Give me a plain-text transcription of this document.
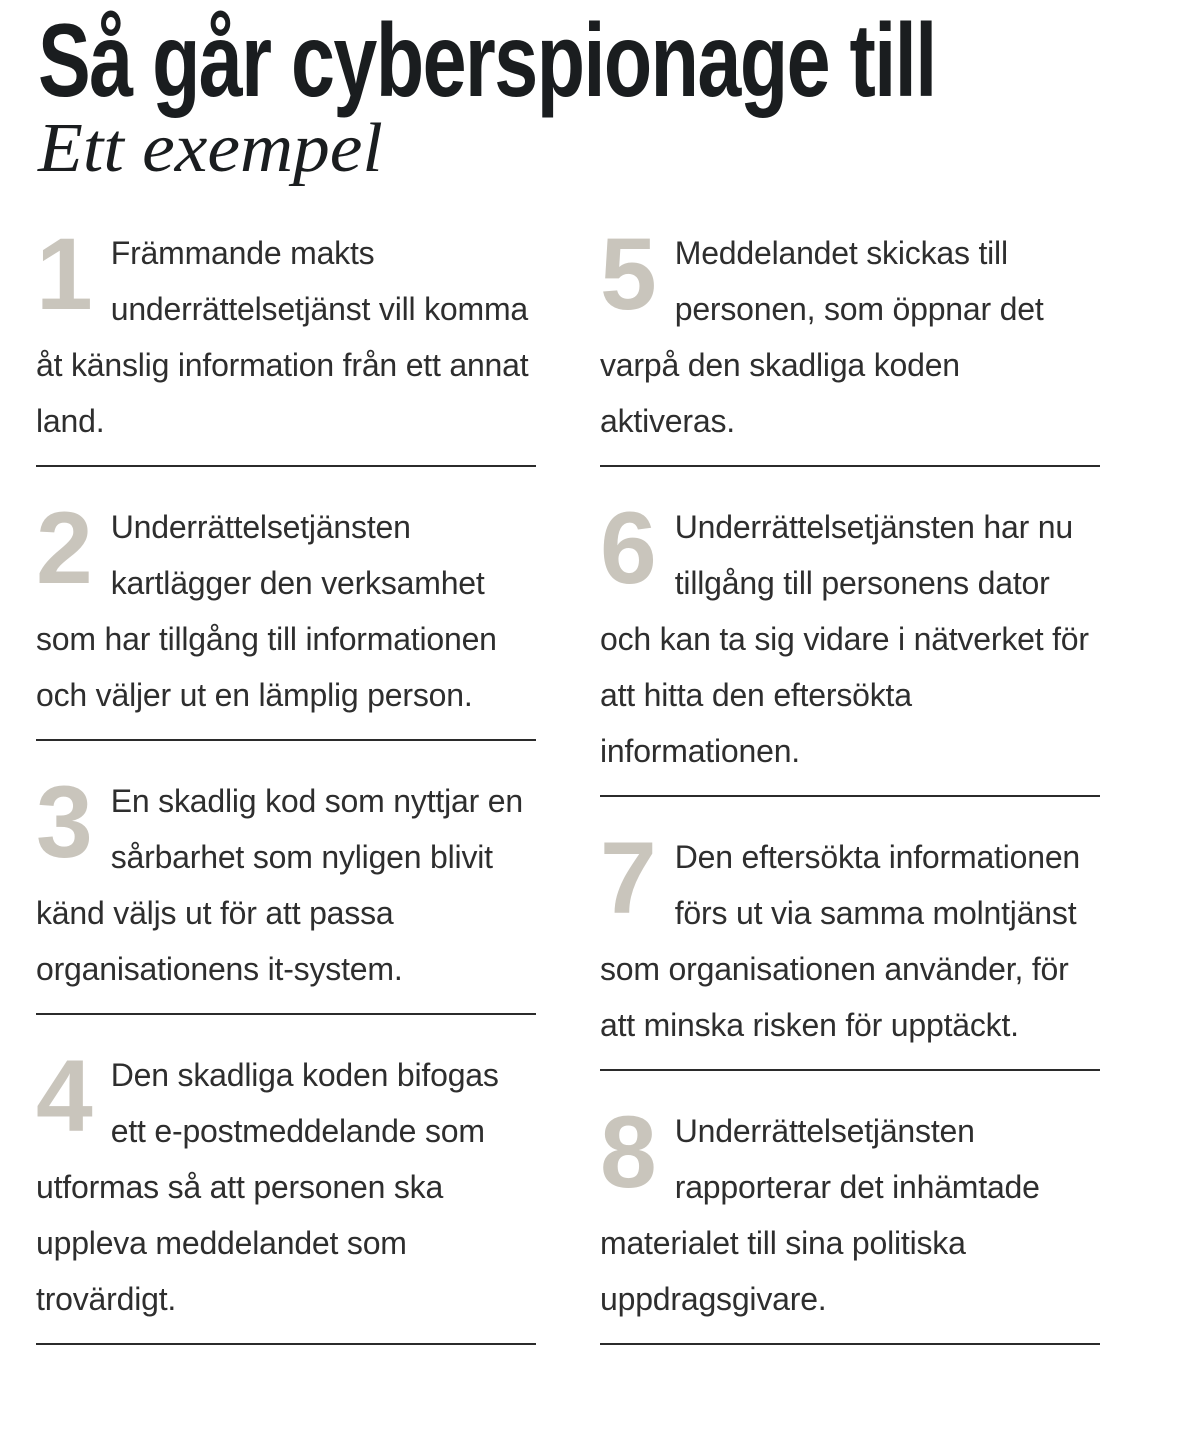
Så går cyberspionage till
Ett exempel
1 Främmande makts underrättelsetjänst vill komma åt känslig information från ett annat land.

2 Underrättelsetjänsten kartlägger den verksamhet som har tillgång till informationen och väljer ut en lämplig person.

3 En skadlig kod som nyttjar en sårbarhet som nyligen blivit känd väljs ut för att passa organisationens it-system.

4 Den skadliga koden bifogas ett e-postmeddelande som utformas så att personen ska uppleva meddelandet som trovärdigt.

5 Meddelandet skickas till personen, som öppnar det varpå den skadliga koden aktiveras.

6 Underrättelsetjänsten har nu tillgång till personens dator och kan ta sig vidare i nätverket för att hitta den eftersökta informationen.

7 Den eftersökta informationen förs ut via samma molntjänst som organisationen använder, för att minska risken för upptäckt.

8 Underrättelsetjänsten rapporterar det inhämtade materialet till sina politiska uppdragsgivare.
